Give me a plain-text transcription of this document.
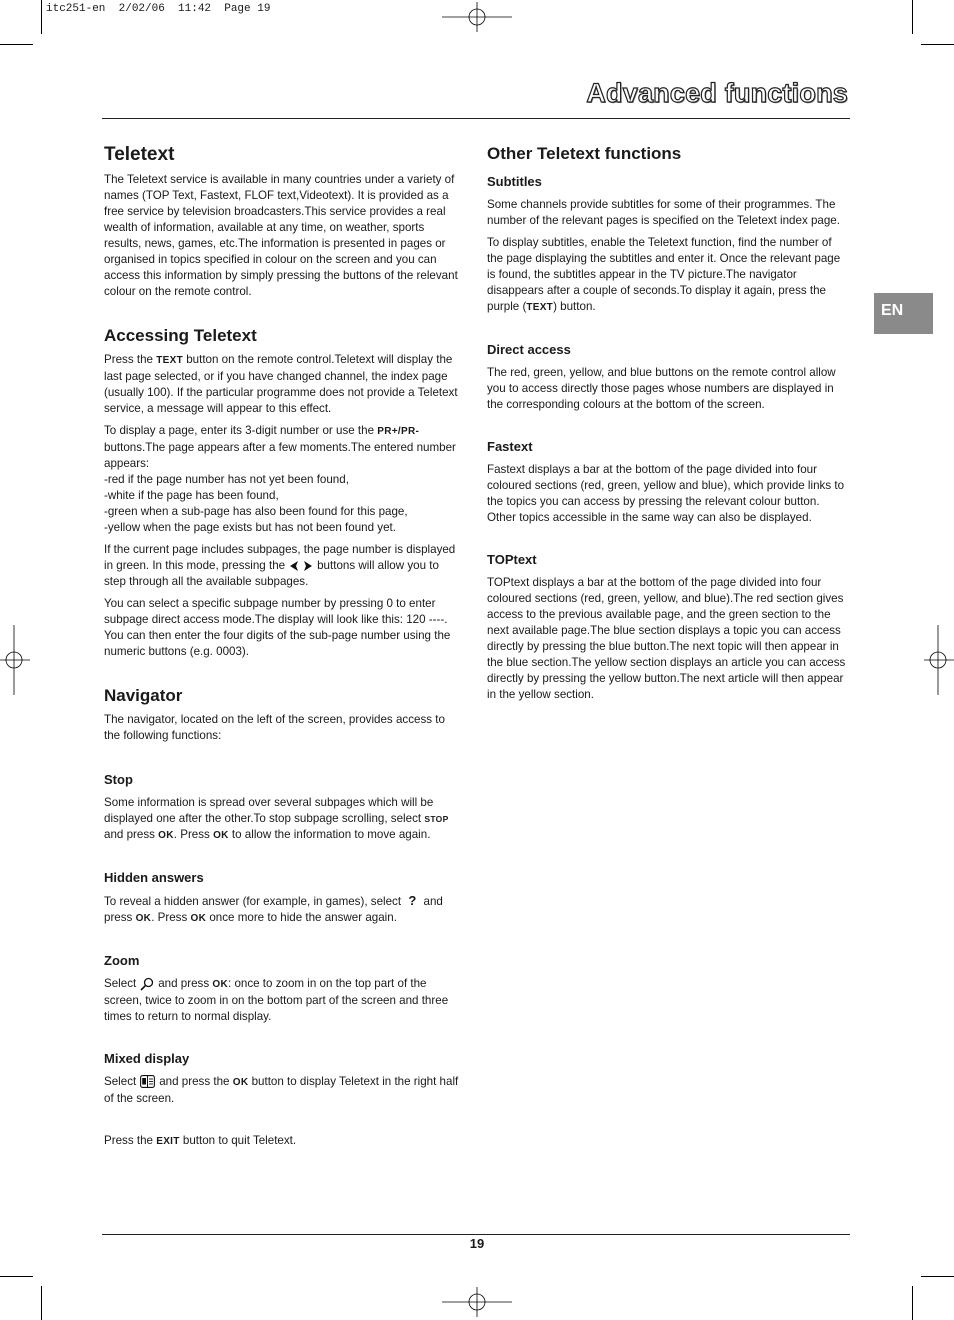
itc251-en  2/02/06  11:42  Page 19
Advanced functions
EN
Teletext

The Teletext service is available in many countries under a variety of names (TOP Text, Fastext, FLOF text,Videotext). It is provided as a free service by television broadcasters.This service provides a real wealth of information, available at any time, on weather, sports results, news, games, etc.The information is presented in pages or organised in topics specified in colour on the screen and you can access this information by simply pressing the buttons of the relevant colour on the remote control.

Accessing Teletext

Press the TEXT button on the remote control.Teletext will display the last page selected, or if you have changed channel, the index page (usually 100). If the particular programme does not provide a Teletext service, a message will appear to this effect.

To display a page, enter its 3-digit number or use the PR+/PR- buttons.The page appears after a few moments.The entered number appears:

-red if the page number has not yet been found,
-white if the page has been found,
-green when a sub-page has also been found for this page,
-yellow when the page exists but has not been found yet.

If the current page includes subpages, the page number is displayed in green. In this mode, pressing the	buttons will allow you to step through all the available subpages.

You can select a specific subpage number by pressing 0 to enter subpage direct access mode.The display will look like this: 120 ----. You can then enter the four digits of the sub-page number using the numeric buttons (e.g. 0003).

Navigator

The navigator, located on the left of the screen, provides access to the following functions:

Stop

Some information is spread over several subpages which will be displayed one after the other.To stop subpage scrolling, select STOP and press OK. Press OK to allow the information to move again.

Hidden answers

To reveal a hidden answer (for example, in games), select ? and press OK. Press OK once more to hide the answer again.

Zoom

Select and press OK: once to zoom in on the top part of the screen, twice to zoom in on the bottom part of the screen and three times to return to normal display.

Mixed display

Select and press the OK button to display Teletext in the right half of the screen.

Press the EXIT button to quit Teletext.

Other Teletext functions
Subtitles

Some channels provide subtitles for some of their programmes. The number of the relevant pages is specified on the Teletext index page.

To display subtitles, enable the Teletext function, find the number of the page displaying the subtitles and enter it. Once the relevant page is found, the subtitles appear in the TV picture.The navigator disappears after a couple of seconds.To display it again, press the purple (TEXT) button.

Direct access

The red, green, yellow, and blue buttons on the remote control allow you to access directly those pages whose numbers are displayed in the corresponding colours at the bottom of the screen.

Fastext

Fastext displays a bar at the bottom of the page divided into four coloured sections (red, green, yellow and blue), which provide links to the topics you can access by pressing the relevant colour button. Other topics accessible in the same way can also be displayed.

TOPtext

TOPtext displays a bar at the bottom of the page divided into four coloured sections (red, green, yellow, and blue).The red section gives access to the previous available page, and the green section to the next available page.The blue section displays a topic you can access directly by pressing the blue button.The next topic will then appear in the blue section.The yellow section displays an article you can access directly by pressing the yellow button.The next article will then appear in the yellow section.

19
